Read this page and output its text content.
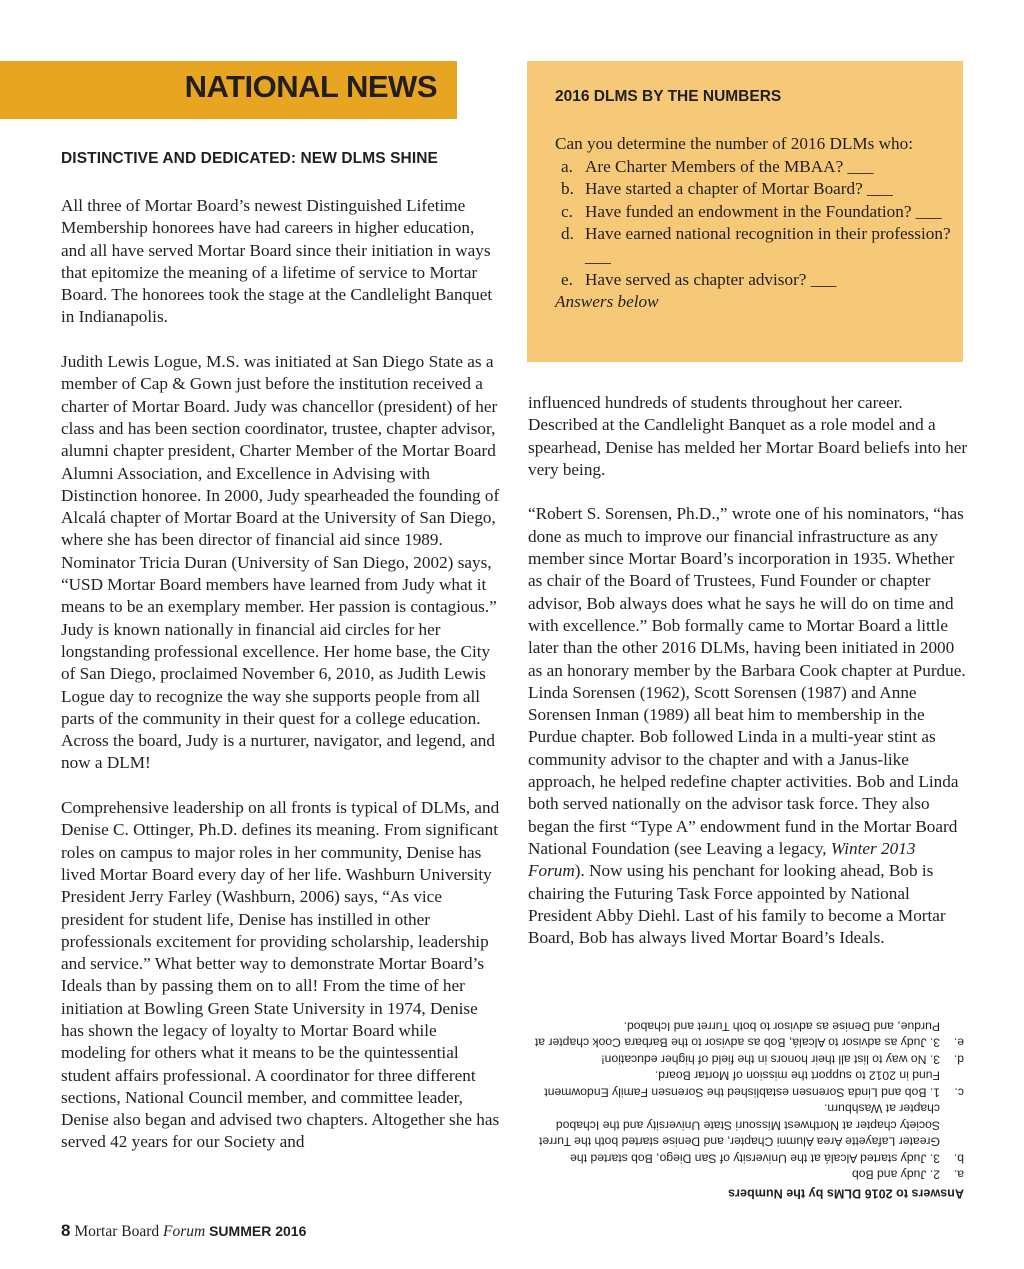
NATIONAL NEWS
DISTINCTIVE AND DEDICATED: NEW DLMS SHINE

All three of Mortar Board’s newest Distinguished Lifetime Membership honorees have had careers in higher education, and all have served Mortar Board since their initiation in ways that epitomize the meaning of a lifetime of service to Mortar Board. The honorees took the stage at the Candlelight Banquet in Indianapolis.

Judith Lewis Logue, M.S. was initiated at San Diego State as a member of Cap & Gown just before the institution received a charter of Mortar Board. Judy was chancellor (president) of her class and has been section coordinator, trustee, chapter advisor, alumni chapter president, Charter Member of the Mortar Board Alumni Association, and Excellence in Advising with Distinction honoree. In 2000, Judy spearheaded the founding of Alcalá chapter of Mortar Board at the University of San Diego, where she has been director of financial aid since 1989. Nominator Tricia Duran (University of San Diego, 2002) says, “USD Mortar Board members have learned from Judy what it means to be an exemplary member. Her passion is contagious.” Judy is known nationally in financial aid circles for her longstanding professional excellence. Her home base, the City of San Diego, proclaimed November 6, 2010, as Judith Lewis Logue day to recognize the way she supports people from all parts of the community in their quest for a college education. Across the board, Judy is a nurturer, navigator, and legend, and now a DLM!

Comprehensive leadership on all fronts is typical of DLMs, and Denise C. Ottinger, Ph.D. defines its meaning. From significant roles on campus to major roles in her community, Denise has lived Mortar Board every day of her life. Washburn University President Jerry Farley (Washburn, 2006) says, “As vice president for student life, Denise has instilled in other professionals excitement for providing scholarship, leadership and service.” What better way to demonstrate Mortar Board’s Ideals than by passing them on to all! From the time of her initiation at Bowling Green State University in 1974, Denise has shown the legacy of loyalty to Mortar Board while modeling for others what it means to be the quintessential student affairs professional. A coordinator for three different sections, National Council member, and committee leader, Denise also began and advised two chapters. Altogether she has served 42 years for our Society and

2016 DLMS BY THE NUMBERS
Can you determine the number of 2016 DLMs who:
a. Are Charter Members of the MBAA? ___
b. Have started a chapter of Mortar Board? ___
c. Have funded an endowment in the Foundation? ___
d. Have earned national recognition in their profession? ___
e. Have served as chapter advisor? ___
Answers below

influenced hundreds of students throughout her career. Described at the Candlelight Banquet as a role model and a spearhead, Denise has melded her Mortar Board beliefs into her very being.

“Robert S. Sorensen, Ph.D.,” wrote one of his nominators, “has done as much to improve our financial infrastructure as any member since Mortar Board’s incorporation in 1935. Whether as chair of the Board of Trustees, Fund Founder or chapter advisor, Bob always does what he says he will do on time and with excellence.” Bob formally came to Mortar Board a little later than the other 2016 DLMs, having been initiated in 2000 as an honorary member by the Barbara Cook chapter at Purdue. Linda Sorensen (1962), Scott Sorensen (1987) and Anne Sorensen Inman (1989) all beat him to membership in the Purdue chapter. Bob followed Linda in a multi-year stint as community advisor to the chapter and with a Janus-like approach, he helped redefine chapter activities. Bob and Linda both served nationally on the advisor task force. They also began the first “Type A” endowment fund in the Mortar Board National Foundation (see Leaving a legacy, Winter 2013 Forum). Now using his penchant for looking ahead, Bob is chairing the Futuring Task Force appointed by National President Abby Diehl. Last of his family to become a Mortar Board, Bob has always lived Mortar Board’s Ideals.

Answers to 2016 DLMs by the Numbers
a.
2. Judy and Bob
b.
3. Judy started Alcalá at the University of San Diego, Bob started the Greater Lafayette Area Alumni Chapter, and Denise started both the Turret Society chapter at Northwest Missouri State University and the Ichabod chapter at Washburn.
c.
1. Bob and Linda Sorensen established the Sorensen Family Endowment Fund in 2012 to support the mission of Mortar Board.
d.
3. No way to list all their honors in the field of higher education!
e.
3. Judy as advisor to Alcalá, Bob as advisor to the Barbara Cook chapter at Purdue, and Denise as advisor to both Turret and Ichabod.
8 Mortar Board Forum SUMMER 2016
